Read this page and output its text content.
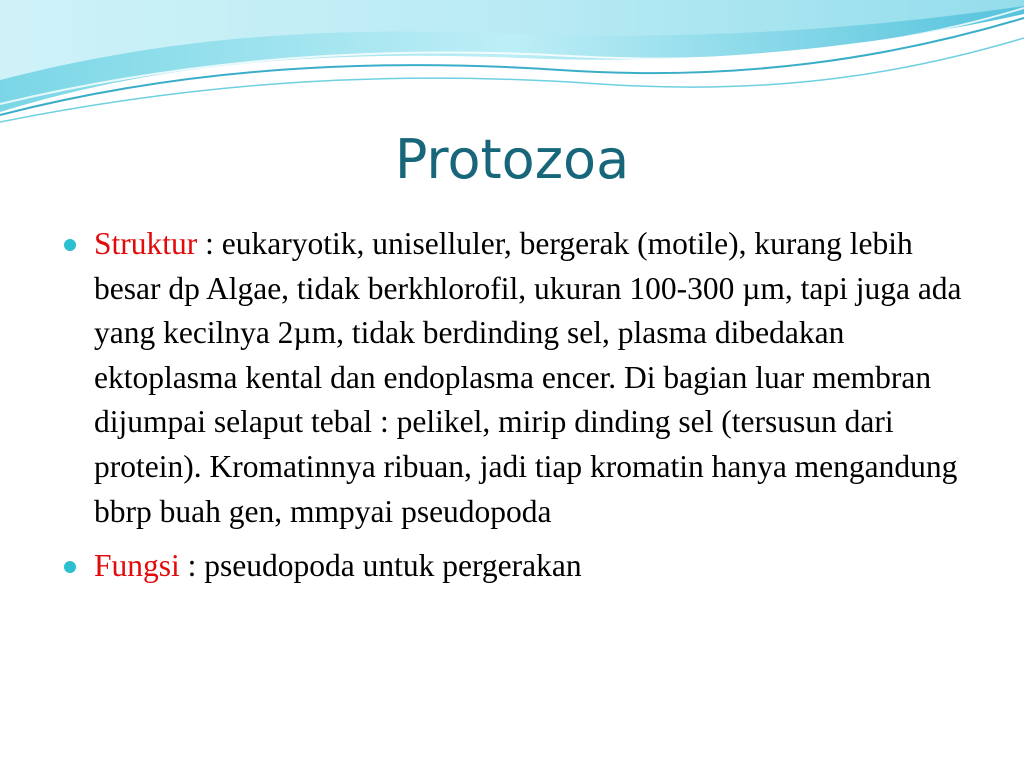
Protozoa
Struktur : eukaryotik, uniselluler, bergerak (motile), kurang lebih besar dp Algae, tidak berkhlorofil, ukuran 100-300 µm, tapi juga ada yang kecilnya 2µm, tidak berdinding sel, plasma dibedakan ektoplasma kental dan endoplasma encer. Di bagian luar membran dijumpai selaput tebal : pelikel, mirip dinding sel (tersusun dari protein). Kromatinnya ribuan, jadi tiap kromatin hanya mengandung bbrp buah gen, mmpyai pseudopoda
Fungsi : pseudopoda untuk pergerakan
